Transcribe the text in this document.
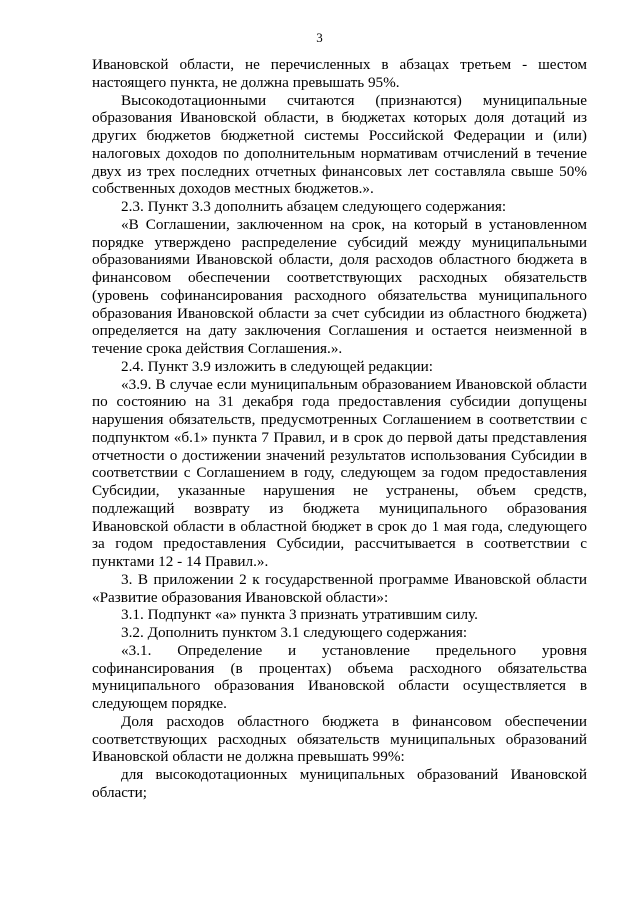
3

Ивановской области, не перечисленных в абзацах третьем - шестом настоящего пункта, не должна превышать 95%.

Высокодотационными считаются (признаются) муниципальные образования Ивановской области, в бюджетах которых доля дотаций из других бюджетов бюджетной системы Российской Федерации и (или) налоговых доходов по дополнительным нормативам отчислений в течение двух из трех последних отчетных финансовых лет составляла свыше 50% собственных доходов местных бюджетов.».

2.3. Пункт 3.3 дополнить абзацем следующего содержания:

«В Соглашении, заключенном на срок, на который в установленном порядке утверждено распределение субсидий между муниципальными образованиями Ивановской области, доля расходов областного бюджета в финансовом обеспечении соответствующих расходных обязательств (уровень софинансирования расходного обязательства муниципального образования Ивановской области за счет субсидии из областного бюджета) определяется на дату заключения Соглашения и остается неизменной в течение срока действия Соглашения.».

2.4. Пункт 3.9 изложить в следующей редакции:

«3.9. В случае если муниципальным образованием Ивановской области по состоянию на 31 декабря года предоставления субсидии допущены нарушения обязательств, предусмотренных Соглашением в соответствии с подпунктом «б.1» пункта 7 Правил, и в срок до первой даты представления отчетности о достижении значений результатов использования Субсидии в соответствии с Соглашением в году, следующем за годом предоставления Субсидии, указанные нарушения не устранены, объем средств, подлежащий возврату из бюджета муниципального образования Ивановской области в областной бюджет в срок до 1 мая года, следующего за годом предоставления Субсидии, рассчитывается в соответствии с пунктами 12 - 14 Правил.».

3. В приложении 2 к государственной программе Ивановской области «Развитие образования Ивановской области»:

3.1. Подпункт «а» пункта 3 признать утратившим силу.

3.2. Дополнить пунктом 3.1 следующего содержания:

«3.1. Определение и установление предельного уровня софинансирования (в процентах) объема расходного обязательства муниципального образования Ивановской области осуществляется в следующем порядке.

Доля расходов областного бюджета в финансовом обеспечении соответствующих расходных обязательств муниципальных образований Ивановской области не должна превышать 99%:

для высокодотационных муниципальных образований Ивановской области;
